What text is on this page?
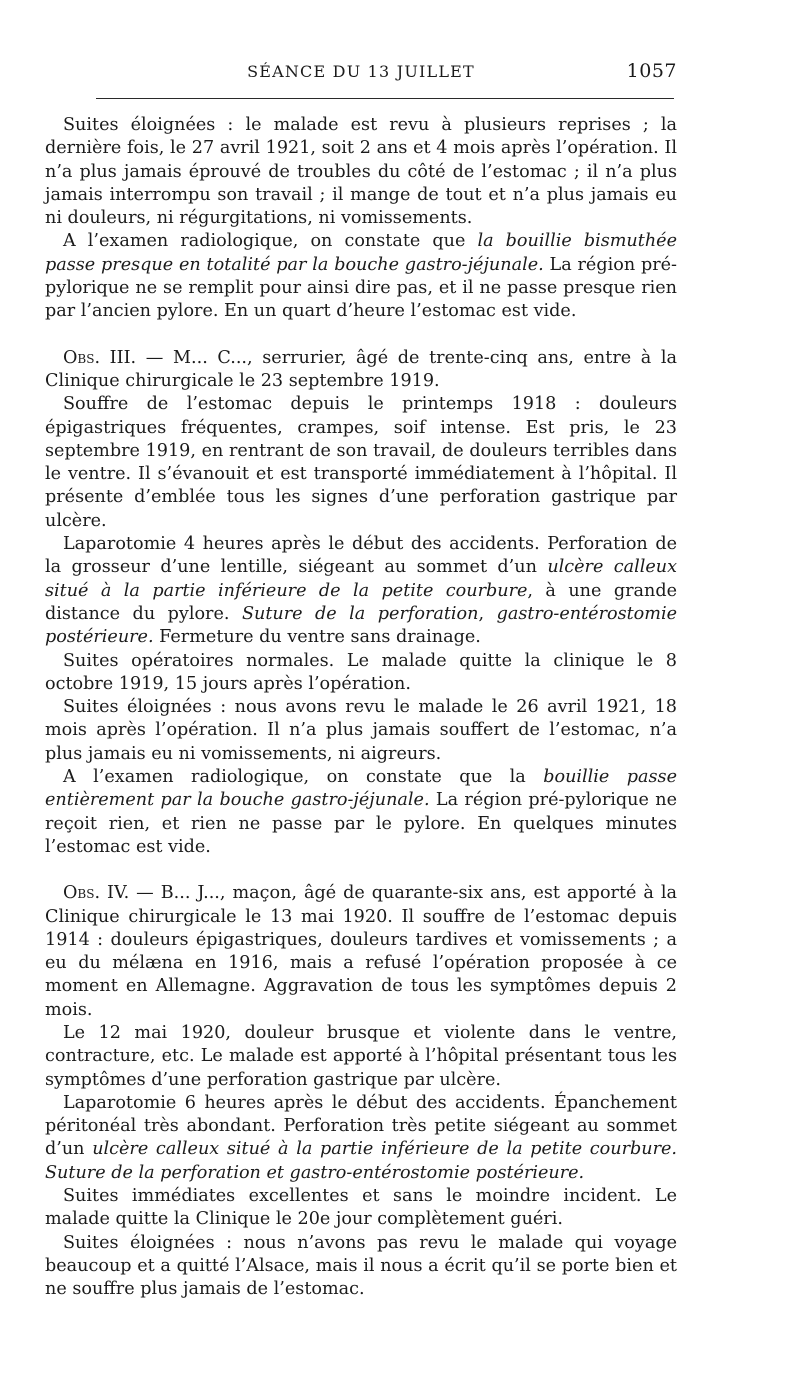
SÉANCE DU 13 JUILLET	1057

Suites éloignées : le malade est revu à plusieurs reprises ; la dernière fois, le 27 avril 1921, soit 2 ans et 4 mois après l’opération. Il n’a plus jamais éprouvé de troubles du côté de l’estomac ; il n’a plus jamais interrompu son travail ; il mange de tout et n’a plus jamais eu ni douleurs, ni régurgitations, ni vomissements.

A l’examen radiologique, on constate que la bouillie bismuthée passe presque en totalité par la bouche gastro-jéjunale. La région pré-pylorique ne se remplit pour ainsi dire pas, et il ne passe presque rien par l’ancien pylore. En un quart d’heure l’estomac est vide.

Obs. III. — M... C..., serrurier, âgé de trente-cinq ans, entre à la Clinique chirurgicale le 23 septembre 1919.

Souffre de l’estomac depuis le printemps 1918 : douleurs épigastriques fréquentes, crampes, soif intense. Est pris, le 23 septembre 1919, en rentrant de son travail, de douleurs terribles dans le ventre. Il s’évanouit et est transporté immédiatement à l’hôpital. Il présente d’emblée tous les signes d’une perforation gastrique par ulcère.

Laparotomie 4 heures après le début des accidents. Perforation de la grosseur d’une lentille, siégeant au sommet d’un ulcère calleux situé à la partie inférieure de la petite courbure, à une grande distance du pylore. Suture de la perforation, gastro-entérostomie postérieure. Fermeture du ventre sans drainage.

Suites opératoires normales. Le malade quitte la clinique le 8 octobre 1919, 15 jours après l’opération.

Suites éloignées : nous avons revu le malade le 26 avril 1921, 18 mois après l’opération. Il n’a plus jamais souffert de l’estomac, n’a plus jamais eu ni vomissements, ni aigreurs.

A l’examen radiologique, on constate que la bouillie passe entièrement par la bouche gastro-jéjunale. La région pré-pylorique ne reçoit rien, et rien ne passe par le pylore. En quelques minutes l’estomac est vide.

Obs. IV. — B... J..., maçon, âgé de quarante-six ans, est apporté à la Clinique chirurgicale le 13 mai 1920. Il souffre de l’estomac depuis 1914 : douleurs épigastriques, douleurs tardives et vomissements ; a eu du mélæna en 1916, mais a refusé l’opération proposée à ce moment en Allemagne. Aggravation de tous les symptômes depuis 2 mois.

Le 12 mai 1920, douleur brusque et violente dans le ventre, contracture, etc. Le malade est apporté à l’hôpital présentant tous les symptômes d’une perforation gastrique par ulcère.

Laparotomie 6 heures après le début des accidents. Épanchement péritonéal très abondant. Perforation très petite siégeant au sommet d’un ulcère calleux situé à la partie inférieure de la petite courbure. Suture de la perforation et gastro-entérostomie postérieure.

Suites immédiates excellentes et sans le moindre incident. Le malade quitte la Clinique le 20e jour complètement guéri.

Suites éloignées : nous n’avons pas revu le malade qui voyage beaucoup et a quitté l’Alsace, mais il nous a écrit qu’il se porte bien et ne souffre plus jamais de l’estomac.
